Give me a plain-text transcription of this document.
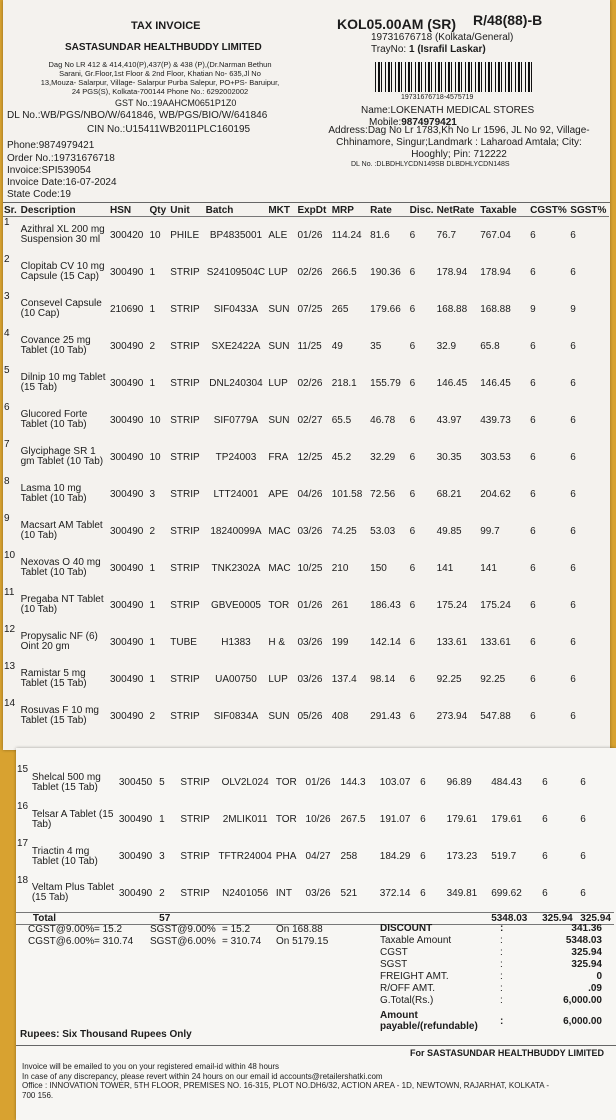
TAX INVOICE
SASTASUNDAR HEALTHBUDDY LIMITED
Dag No LR 412 & 414,410(P),437(P) & 438 (P),(Dr.Narman Bethun
Sarani, Gr.Floor,1st Floor & 2nd Floor, Khatian No- 635,Jl No
13,Mouza- Salarpur, Village- Salarpur Purba Salepur, PO+PS- Baruipur,
24 PGS(S), Kolkata-700144 Phone No.: 6292002002
GST No.:19AAHCM0651P1Z0
DL No.:WB/PGS/NBO/W/641846, WB/PGS/BIO/W/641846
CIN No.:U15411WB2011PLC160195
Phone:9874979421
Order No.:19731676718
Invoice:SPI539054
Invoice Date:16-07-2024
State Code:19
KOL05.00AM (SR) R/48(88)-B
19731676718 (Kolkata/General)
TrayNo: 1 (Israfil Laskar)
19731676718-4575719
Name:LOKENATH MEDICAL STORES
Mobile:9874979421
Address:Dag No Lr 1783,Kh No Lr 1596, JL No 92, Village-
Chhinamore, Singur;Landmark : Laharoad Amtala; City:
Hooghly; Pin: 712222
DL No. :DLBDHLYCDN149SB DLBDHLYCDN148S
Sr.	Description	HSN	Qty	Unit	Batch	MKT	ExpDt	MRP	Rate	Disc.	NetRate	Taxable	CGST%	SGST%
1	Azithral XL 200 mg Suspension 30 ml	300420	10	PHILE	BP4835001	ALE	01/26	114.24	81.6	6	76.7	767.04	6	6
2	Clopitab CV 10 mg Capsule (15 Cap)	300490	1	STRIP	S24109504C	LUP	02/26	266.5	190.36	6	178.94	178.94	6	6
3	Consevel Capsule (10 Cap)	210690	1	STRIP	SIF0433A	SUN	07/25	265	179.66	6	168.88	168.88	9	9
4	Covance 25 mg Tablet (10 Tab)	300490	2	STRIP	SXE2422A	SUN	11/25	49	35	6	32.9	65.8	6	6
5	Dilnip 10 mg Tablet (15 Tab)	300490	1	STRIP	DNL240304	LUP	02/26	218.1	155.79	6	146.45	146.45	6	6
6	Glucored Forte Tablet (10 Tab)	300490	10	STRIP	SIF0779A	SUN	02/27	65.5	46.78	6	43.97	439.73	6	6
7	Glyciphage SR 1 gm Tablet (10 Tab)	300490	10	STRIP	TP24003	FRA	12/25	45.2	32.29	6	30.35	303.53	6	6
8	Lasma 10 mg Tablet (10 Tab)	300490	3	STRIP	LTT24001	APE	04/26	101.58	72.56	6	68.21	204.62	6	6
9	Macsart AM Tablet (10 Tab)	300490	2	STRIP	18240099A	MAC	03/26	74.25	53.03	6	49.85	99.7	6	6
10	Nexovas O 40 mg Tablet (10 Tab)	300490	1	STRIP	TNK2302A	MAC	10/25	210	150	6	141	141	6	6
11	Pregaba NT Tablet (10 Tab)	300490	1	STRIP	GBVE0005	TOR	01/26	261	186.43	6	175.24	175.24	6	6
12	Propysalic NF (6) Oint 20 gm	300490	1	TUBE	H1383	H &	03/26	199	142.14	6	133.61	133.61	6	6
13	Ramistar 5 mg Tablet (15 Tab)	300490	1	STRIP	UA00750	LUP	03/26	137.4	98.14	6	92.25	92.25	6	6
14	Rosuvas F 10 mg Tablet (15 Tab)	300490	2	STRIP	SIF0834A	SUN	05/26	408	291.43	6	273.94	547.88	6	6
15	Shelcal 500 mg Tablet (15 Tab)	300450	5	STRIP	OLV2L024	TOR	01/26	144.3	103.07	6	96.89	484.43	6	6
16	Telsar A Tablet (15 Tab)	300490	1	STRIP	2MLIK011	TOR	10/26	267.5	191.07	6	179.61	179.61	6	6
17	Triactin 4 mg Tablet (10 Tab)	300490	3	STRIP	TFTR24004	PHA	04/27	258	184.29	6	173.23	519.7	6	6
18	Veltam Plus Tablet (15 Tab)	300490	2	STRIP	N2401056	INT	03/26	521	372.14	6	349.81	699.62	6	6
	Total		57									5348.03	325.94	325.94
CGST@9.00%= 15.2	SGST@9.00% = 15.2	On 168.88
CGST@6.00%= 310.74 SGST@6.00% = 310.74 On 5179.15
DISCOUNT	:	341.36
Taxable Amount	:	5348.03
CGST	:	325.94
SGST	:	325.94
FREIGHT AMT.	:	0
R/OFF AMT.	:	.09
G.Total(Rs.)	:	6,000.00
Amount
payable/(refundable) :	6,000.00
Rupees: Six Thousand Rupees Only
For SASTASUNDAR HEALTHBUDDY LIMITED
Invoice will be emailed to you on your registered email-id within 48 hours
In case of any discrepancy, please revert within 24 hours on our email id accounts@retailershatki.com
Office : INNOVATION TOWER, 5TH FLOOR, PREMISES NO. 16-315, PLOT NO.DH6/32, ACTION AREA - 1D, NEWTOWN, RAJARHAT, KOLKATA -
700 156.
